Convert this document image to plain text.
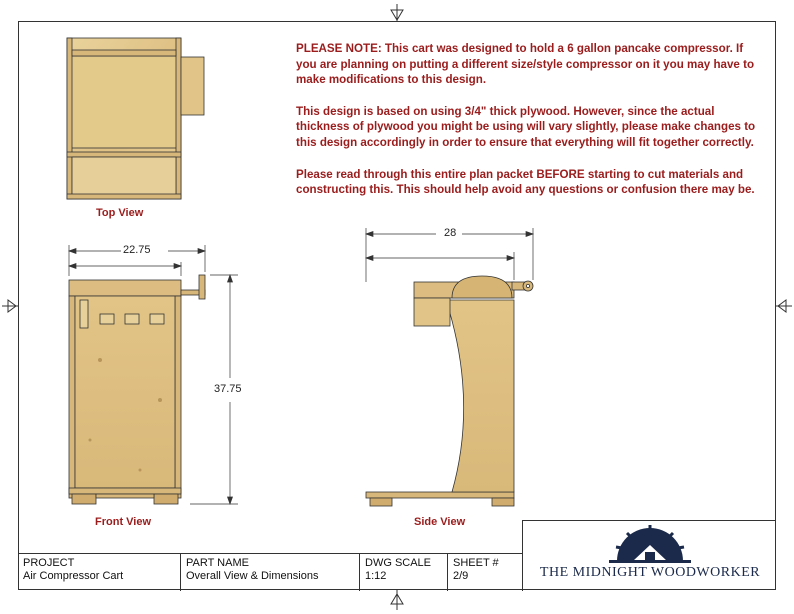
PLEASE NOTE: This cart was designed to hold a 6 gallon pancake compressor. If you are planning on putting a different size/style compressor on it you may have to make modifications to this design.

This design is based on using 3/4" thick plywood. However, since the actual thickness of plywood you might be using will vary slightly, please make changes to this design accordingly in order to ensure that everything will fit together correctly.

Please read through this entire plan packet BEFORE starting to cut materials and constructing this. This should help avoid any questions or confusion there may be.

Top View
Front View	Side View
22.75
37.75
28
PROJECT
Air Compressor Cart
PART NAME
Overall View & Dimensions
DWG SCALE
1:12
SHEET #
2/9	THE MIDNIGHT WOODWORKER
